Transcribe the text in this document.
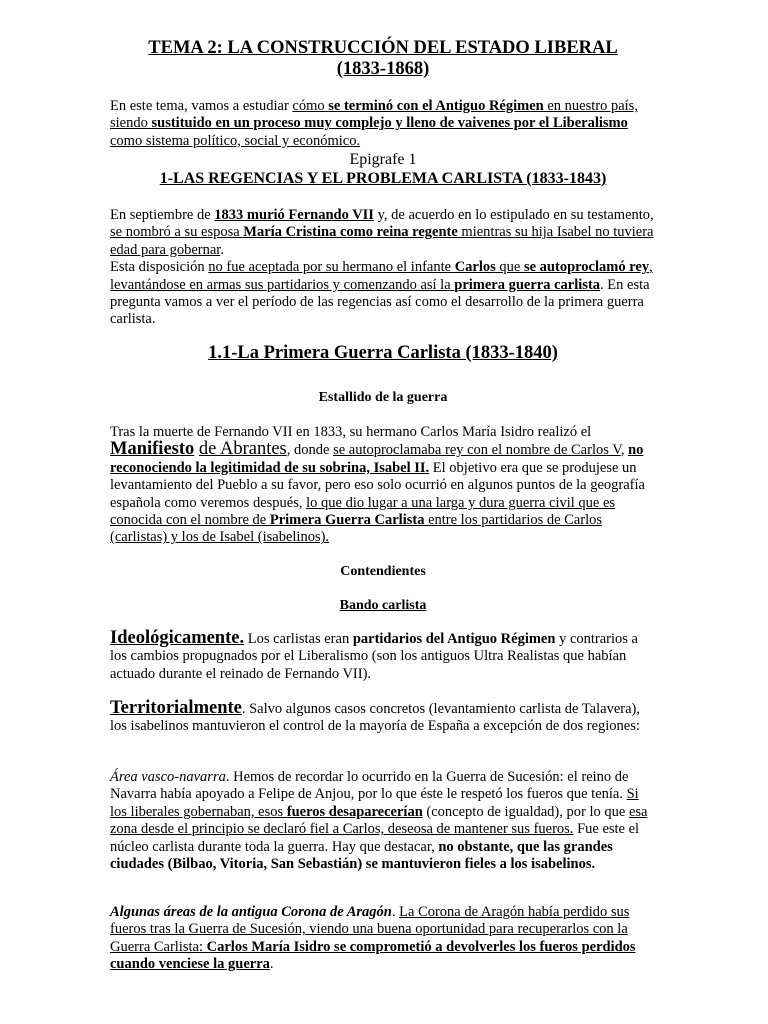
TEMA 2: LA CONSTRUCCIÓN DEL ESTADO LIBERAL
(1833-1868)
En este tema, vamos a estudiar cómo se terminó con el Antiguo Régimen en nuestro país, siendo sustituido en un proceso muy complejo y lleno de vaivenes por el Liberalismo como sistema político, social y económico.
Epigrafe 1
1-LAS REGENCIAS Y EL PROBLEMA CARLISTA (1833-1843)
En septiembre de 1833 murió Fernando VII y, de acuerdo en lo estipulado en su testamento, se nombró a su esposa María Cristina como reina regente mientras su hija Isabel no tuviera edad para gobernar.
Esta disposición no fue aceptada por su hermano el infante Carlos que se autoproclamó rey, levantándose en armas sus partidarios y comenzando así la primera guerra carlista. En esta pregunta vamos a ver el período de las regencias así como el desarrollo de la primera guerra carlista.
1.1-La Primera Guerra Carlista (1833-1840)
Estallido de la guerra
Tras la muerte de Fernando VII en 1833, su hermano Carlos María Isidro realizó el Manifiesto de Abrantes, donde se autoproclamaba rey con el nombre de Carlos V, no reconociendo la legitimidad de su sobrina, Isabel II. El objetivo era que se produjese un levantamiento del Pueblo a su favor, pero eso solo ocurrió en algunos puntos de la geografía española como veremos después, lo que dio lugar a una larga y dura guerra civil que es conocida con el nombre de Primera Guerra Carlista entre los partidarios de Carlos (carlistas) y los de Isabel (isabelinos).
Contendientes
Bando carlista
Ideológicamente. Los carlistas eran partidarios del Antiguo Régimen y contrarios a los cambios propugnados por el Liberalismo (son los antiguos Ultra Realistas que habían actuado durante el reinado de Fernando VII).
Territorialmente. Salvo algunos casos concretos (levantamiento carlista de Talavera), los isabelinos mantuvieron el control de la mayoría de España a excepción de dos regiones:
Área vasco-navarra. Hemos de recordar lo ocurrido en la Guerra de Sucesión: el reino de Navarra había apoyado a Felipe de Anjou, por lo que éste le respetó los fueros que tenía. Si los liberales gobernaban, esos fueros desaparecerían (concepto de igualdad), por lo que esa zona desde el principio se declaró fiel a Carlos, deseosa de mantener sus fueros. Fue este el núcleo carlista durante toda la guerra. Hay que destacar, no obstante, que las grandes ciudades (Bilbao, Vitoria, San Sebastián) se mantuvieron fieles a los isabelinos.
Algunas áreas de la antigua Corona de Aragón. La Corona de Aragón había perdido sus fueros tras la Guerra de Sucesión, viendo una buena oportunidad para recuperarlos con la Guerra Carlista: Carlos María Isidro se comprometió a devolverles los fueros perdidos cuando venciese la guerra.
